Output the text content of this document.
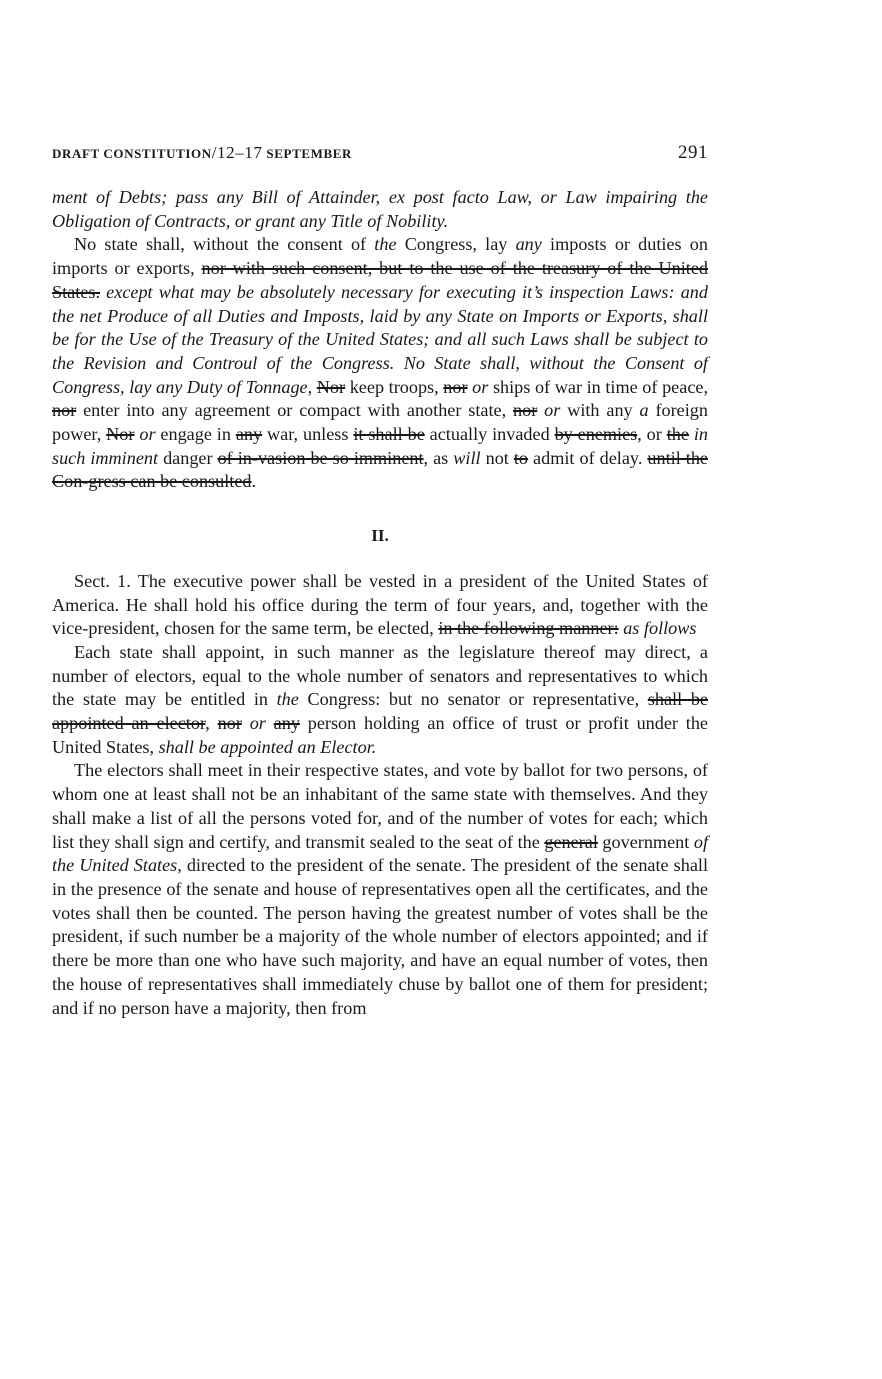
DRAFT CONSTITUTION/12–17 SEPTEMBER	291

ment of Debts; pass any Bill of Attainder, ex post facto Law, or Law impairing the Obligation of Contracts, or grant any Title of Nobility.

No state shall, without the consent of the Congress, lay any imposts or duties on imports or exports, nor with such consent, but to the use of the treasury of the United States. except what may be absolutely necessary for executing it’s inspection Laws: and the net Produce of all Duties and Imposts, laid by any State on Imports or Exports, shall be for the Use of the Treasury of the United States; and all such Laws shall be subject to the Revision and Controul of the Congress. No State shall, without the Consent of Congress, lay any Duty of Tonnage, Nor keep troops, nor or ships of war in time of peace, nor enter into any agreement or compact with another state, nor or with any a foreign power, Nor or engage in any war, unless it shall be actually invaded by enemies, or the in such imminent danger of in-vasion be so imminent, as will not to admit of delay. until the Con-gress can be consulted.

II.

Sect. 1. The executive power shall be vested in a president of the United States of America. He shall hold his office during the term of four years, and, together with the vice-president, chosen for the same term, be elected, in the following manner: as follows

Each state shall appoint, in such manner as the legislature thereof may direct, a number of electors, equal to the whole number of senators and representatives to which the state may be entitled in the Congress: but no senator or representative, shall be appointed an elector, nor or any person holding an office of trust or profit under the United States, shall be appointed an Elector.

The electors shall meet in their respective states, and vote by ballot for two persons, of whom one at least shall not be an inhabitant of the same state with themselves. And they shall make a list of all the persons voted for, and of the number of votes for each; which list they shall sign and certify, and transmit sealed to the seat of the general government of the United States, directed to the president of the senate. The president of the senate shall in the presence of the senate and house of representatives open all the certificates, and the votes shall then be counted. The person having the greatest number of votes shall be the president, if such number be a majority of the whole number of electors appointed; and if there be more than one who have such majority, and have an equal number of votes, then the house of representatives shall immediately chuse by ballot one of them for president; and if no person have a majority, then from
